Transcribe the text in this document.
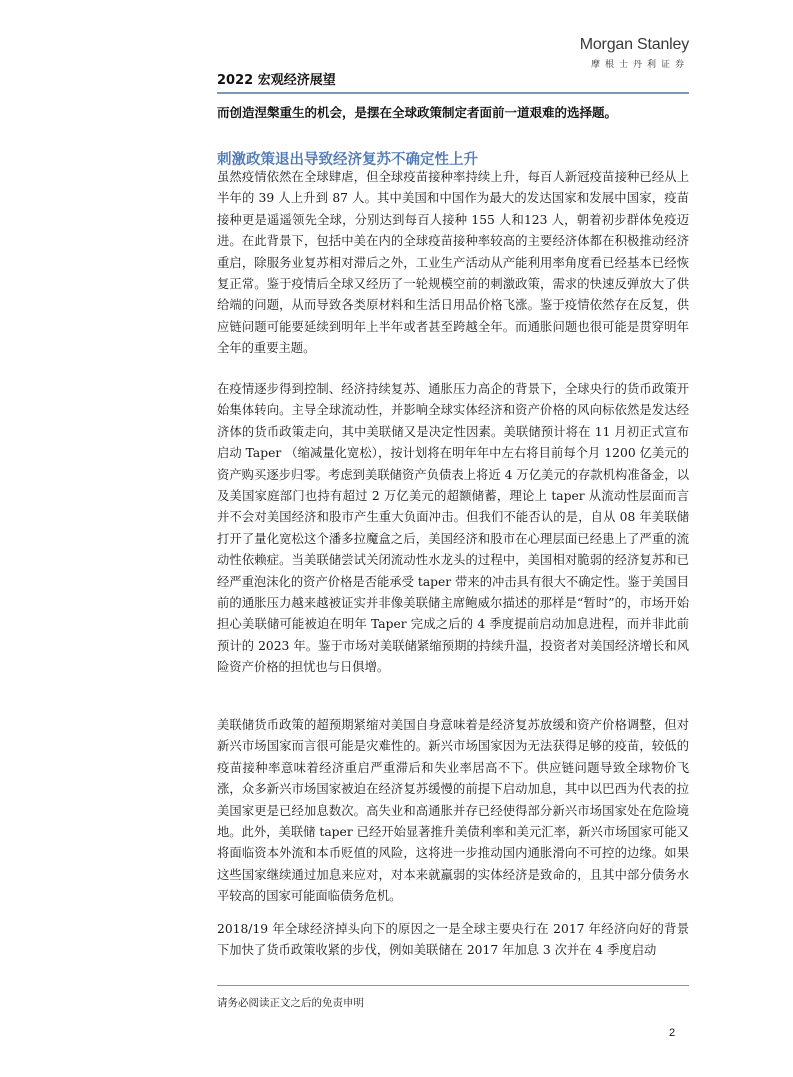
Morgan Stanley
摩根士丹利证券
2022 宏观经济展望
而创造涅槃重生的机会，是摆在全球政策制定者面前一道艰难的选择题。
刺激政策退出导致经济复苏不确定性上升

虽然疫情依然在全球肆虐，但全球疫苗接种率持续上升，每百人新冠疫苗接种已经从上半年的 39 人上升到 87 人。其中美国和中国作为最大的发达国家和发展中国家，疫苗接种更是遥遥领先全球，分别达到每百人接种 155 人和123 人，朝着初步群体免疫迈进。在此背景下，包括中美在内的全球疫苗接种率较高的主要经济体都在积极推动经济重启，除服务业复苏相对滞后之外，工业生产活动从产能利用率角度看已经基本已经恢复正常。鉴于疫情后全球又经历了一轮规模空前的刺激政策，需求的快速反弹放大了供给端的问题，从而导致各类原材料和生活日用品价格飞涨。鉴于疫情依然存在反复，供应链问题可能要延续到明年上半年或者甚至跨越全年。而通胀问题也很可能是贯穿明年全年的重要主题。

在疫情逐步得到控制、经济持续复苏、通胀压力高企的背景下，全球央行的货币政策开始集体转向。主导全球流动性，并影响全球实体经济和资产价格的风向标依然是发达经济体的货币政策走向，其中美联储又是决定性因素。美联储预计将在 11 月初正式宣布启动 Taper （缩减量化宽松），按计划将在明年年中左右将目前每个月 1200 亿美元的资产购买逐步归零。考虑到美联储资产负债表上将近 4 万亿美元的存款机构准备金，以及美国家庭部门也持有超过 2 万亿美元的超额储蓄，理论上 taper 从流动性层面而言并不会对美国经济和股市产生重大负面冲击。但我们不能否认的是，自从 08 年美联储打开了量化宽松这个潘多拉魔盒之后，美国经济和股市在心理层面已经患上了严重的流动性依赖症。当美联储尝试关闭流动性水龙头的过程中，美国相对脆弱的经济复苏和已经严重泡沫化的资产价格是否能承受 taper 带来的冲击具有很大不确定性。鉴于美国目前的通胀压力越来越被证实并非像美联储主席鲍威尔描述的那样是“暂时”的，市场开始担心美联储可能被迫在明年 Taper 完成之后的 4 季度提前启动加息进程，而并非此前预计的 2023 年。鉴于市场对美联储紧缩预期的持续升温，投资者对美国经济增长和风险资产价格的担忧也与日俱增。

美联储货币政策的超预期紧缩对美国自身意味着是经济复苏放缓和资产价格调整，但对新兴市场国家而言很可能是灾难性的。新兴市场国家因为无法获得足够的疫苗，较低的疫苗接种率意味着经济重启严重滞后和失业率居高不下。供应链问题导致全球物价飞涨，众多新兴市场国家被迫在经济复苏缓慢的前提下启动加息，其中以巴西为代表的拉美国家更是已经加息数次。高失业和高通胀并存已经使得部分新兴市场国家处在危险境地。此外，美联储 taper 已经开始显著推升美债利率和美元汇率，新兴市场国家可能又将面临资本外流和本币贬值的风险，这将进一步推动国内通胀滑向不可控的边缘。如果这些国家继续通过加息来应对，对本来就羸弱的实体经济是致命的，且其中部分债务水平较高的国家可能面临债务危机。

2018/19 年全球经济掉头向下的原因之一是全球主要央行在 2017 年经济向好的背景下加快了货币政策收紧的步伐，例如美联储在 2017 年加息 3 次并在 4 季度启动

请务必阅读正文之后的免责申明
2
